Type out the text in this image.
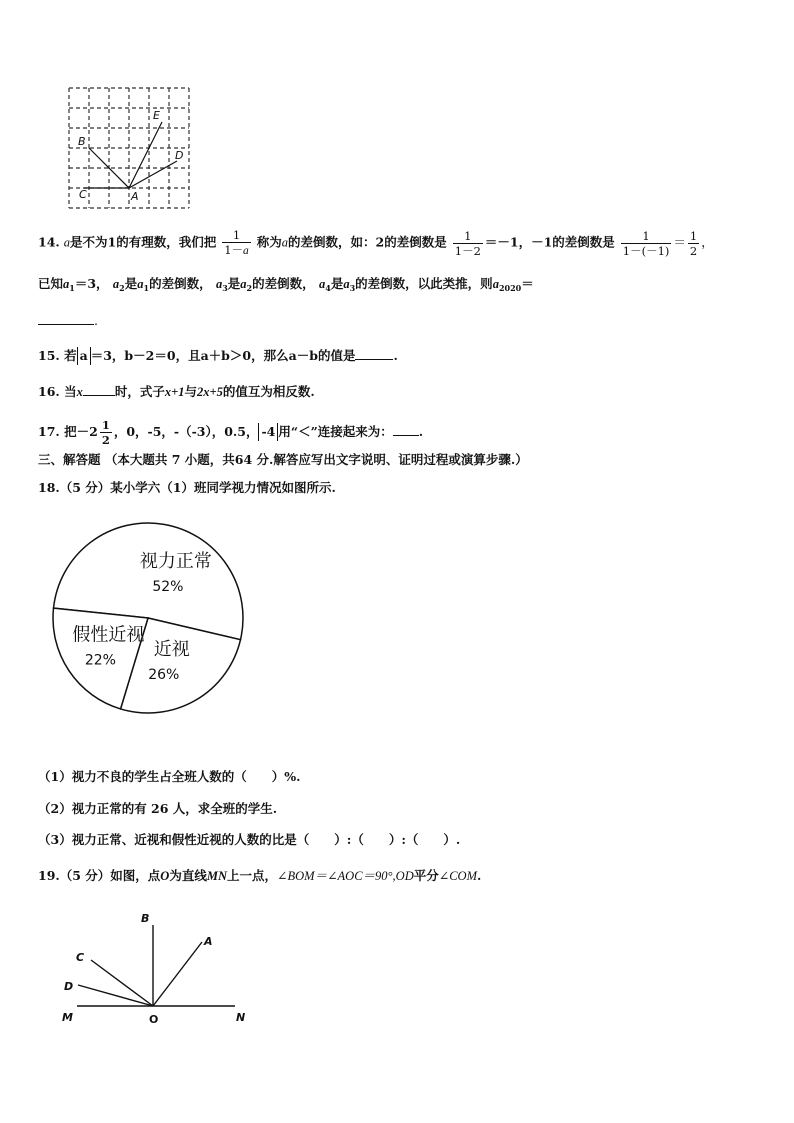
B
E
D
C	A
14. a是不为1的有理数，我们把 $\frac{1}{1-a}$ 称为a的差倒数，如：2的差倒数是 $\frac{1}{1-2} =-1$，－1的差倒数是 $\frac{1}{1-(-1)} = \frac{1}{2}$ ，
已知$a_1=3$， $a_2$是$a_1$的差倒数， $a_3$是$a_2$的差倒数， $a_4$是$a_3$的差倒数，以此类推，则$a_{2020}=$
.
15. 若 a ＝3，b－2＝0，且a＋b＞0，那么a－b的值是	.
16. 当x	时，式子x+1与2x+5的值互为相反数.
17. 把$-2 \frac{1}{2}$ ，0，-5，-（-3），0.5， -4 用“＜”连接起来为： .
三、解答题 （本大题共 7 小题，共64 分.解答应写出文字说明、证明过程或演算步骤.）
18.（5 分）某小学六（1）班同学视力情况如图所示.
视力正常
52%
近视
26%
假性近视
22%
（1）视力不良的学生占全班人数的（　　）%.
（2）视力正常的有 26 人，求全班的学生.
（3）视力正常、近视和假性近视的人数的比是（　　）:（　　）:（　　）.
19.（5 分）如图，点O为直线MN上一点，∠BOM＝∠AOC＝90°,OD平分∠COM.
B
A
C
D
M	O	N
